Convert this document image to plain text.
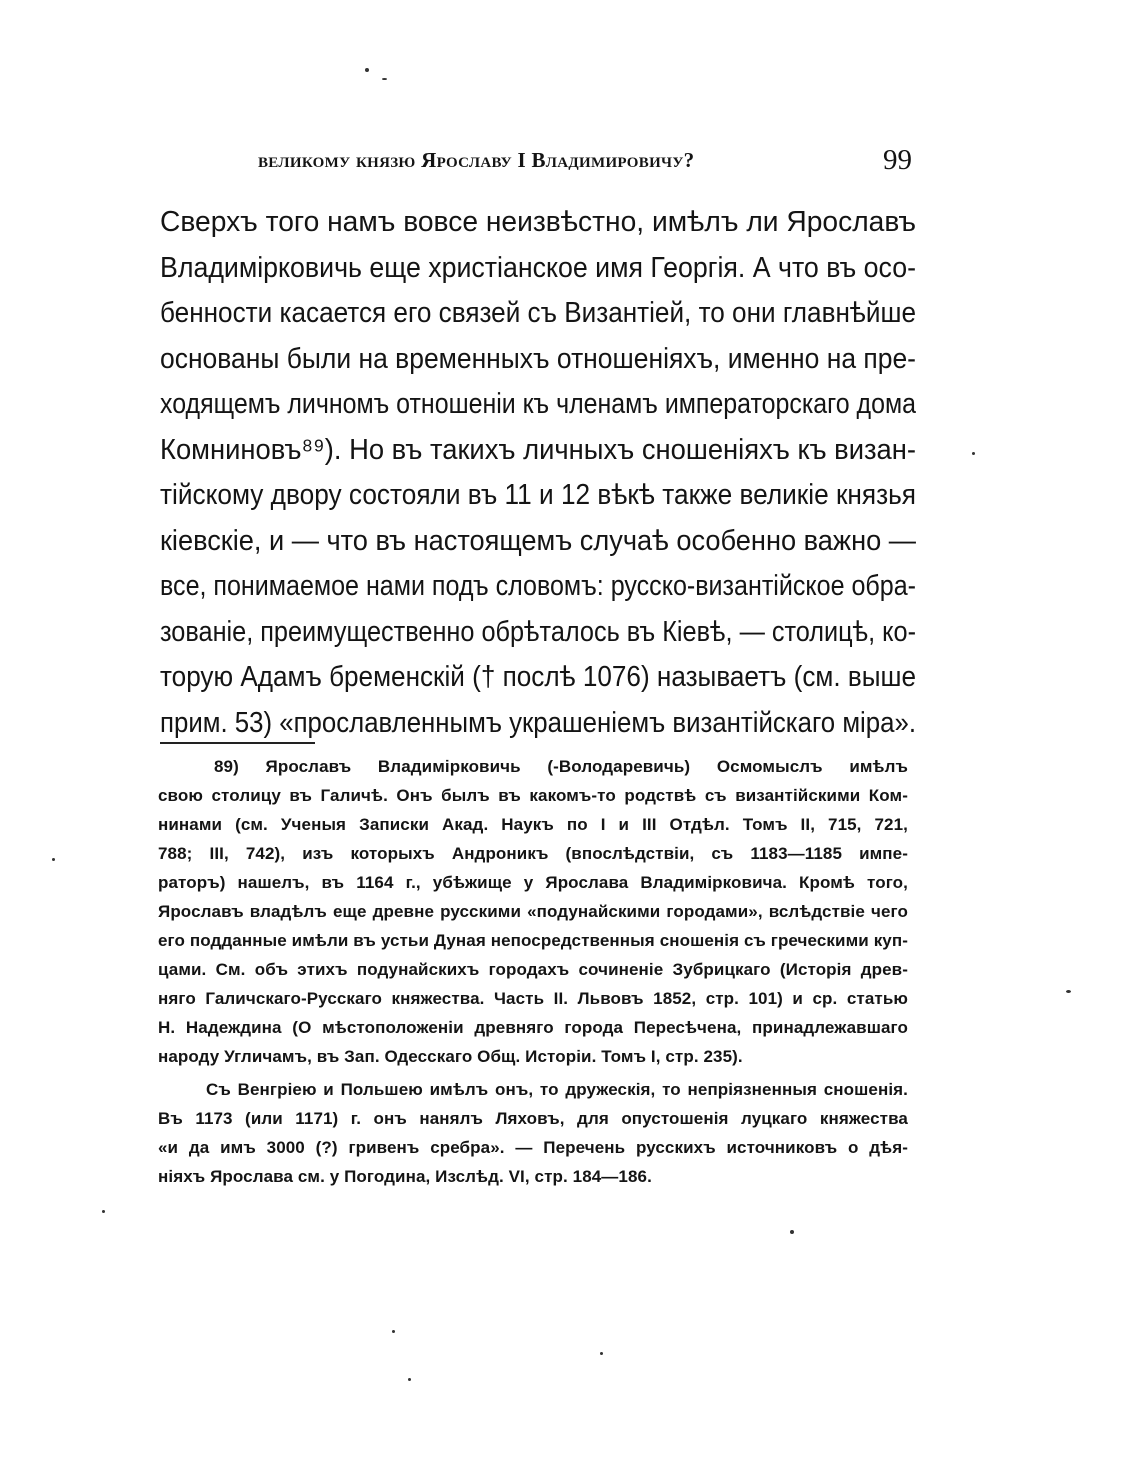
великому князю Ярославу I Владимировичу?	99
Сверхъ того намъ вовсе неизвѣстно, имѣлъ ли Ярославъ
Владимірковичь еще христіанское имя Георгія. А что въ осо-
бенности касается его связей съ Византіей, то они главнѣйше
основаны были на временныхъ отношеніяхъ, именно на пре-
ходящемъ личномъ отношеніи къ членамъ императорскаго дома
Комниновъ⁸⁹). Но въ такихъ личныхъ сношеніяхъ къ визан-
тійскому двору состояли въ 11 и 12 вѣкѣ также великіе князья
кіевскіе, и — что въ настоящемъ случаѣ особенно важно —
все, понимаемое нами подъ словомъ: русско-византійское обра-
зованіе, преимущественно обрѣталось въ Кіевѣ, — столицѣ, ко-
торую Адамъ бременскій († послѣ 1076) называетъ (см. выше
прим. 53) «прославленнымъ украшеніемъ византійскаго міра».
89) Ярославъ Владимірковичь (-Володаревичь) Осмомыслъ имѣлъ
свою столицу въ Галичѣ. Онъ былъ въ какомъ-то родствѣ съ византійскими Ком-
нинами (см. Ученыя Записки Акад. Наукъ по I и III Отдѣл. Томъ II, 715, 721,
788; III, 742), изъ которыхъ Андроникъ (впослѣдствіи, съ 1183—1185 импе-
раторъ) нашелъ, въ 1164 г., убѣжище у Ярослава Владимірковича. Кромѣ того,
Ярославъ владѣлъ еще древне русскими «подунайскими городами», вслѣдствіе чего
его подданные имѣли въ устьи Дуная непосредственныя сношенія съ греческими куп-
цами. См. объ этихъ подунайскихъ городахъ сочиненіе Зубрицкаго (Исторія древ-
няго Галичскаго-Русскаго княжества. Часть II. Львовъ 1852, стр. 101) и ср. статью
Н. Надеждина (О мѣстоположеніи древняго города Пересѣчена, принадлежавшаго
народу Угличамъ, въ Зап. Одесскаго Общ. Исторіи. Томъ I, стр. 235).
Съ Венгріею и Польшею имѣлъ онъ, то дружескія, то непріязненныя сношенія.
Въ 1173 (или 1171) г. онъ нанялъ Ляховъ, для опустошенія луцкаго княжества
«и да имъ 3000 (?) гривенъ сребра». — Перечень русскихъ источниковъ о дѣя-
ніяхъ Ярослава см. у Погодина, Изслѣд. VI, стр. 184—186.
